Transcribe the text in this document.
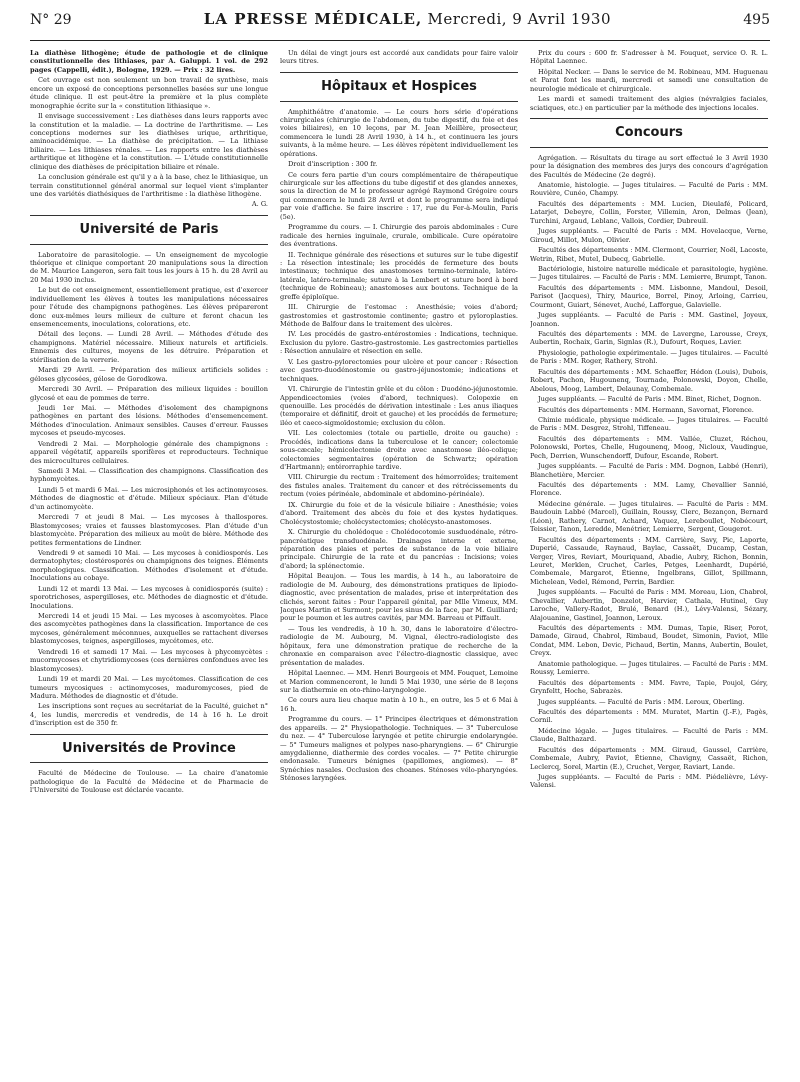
N° 29	LA PRESSE MÉDICALE, Mercredi, 9 Avril 1930	495

La diathèse lithogène; étude de pathologie et de clinique constitutionnelle des lithiases, par A. Galuppi. 1 vol. de 292 pages (Cappelli, édit.), Bologne, 1929. — Prix : 32 lires.

Cet ouvrage est non seulement un bon travail de synthèse, mais encore un exposé de conceptions personnelles basées sur une longue étude clinique. Il est peut-être la première et la plus complète monographie écrite sur la « constitution lithiasique ».

Il envisage successivement : Les diathèses dans leurs rapports avec la constitution et la maladie. — La doctrine de l'arthritisme. — Les conceptions modernes sur les diathèses urique, arthritique, aminoacidémique. — La diathèse de précipitation. — La lithiase biliaire. — Les lithiases rénales. — Les rapports entre les diathèses arthritique et lithogène et la constitution. — L'étude constitutionnelle clinique des diathèses de précipitation biliaire et rénale.

La conclusion générale est qu'il y a à la base, chez le lithiasique, un terrain constitutionnel général anormal sur lequel vient s'implanter une des variétés diathésiques de l'arthritisme : la diathèse lithogène.

A. G.

Université de Paris

Laboratoire de parasitologie. — Un enseignement de mycologie théorique et clinique comportant 20 manipulations sous la direction de M. Maurice Langeron, sera fait tous les jours à 15 h. du 28 Avril au 20 Mai 1930 inclus.

Le but de cet enseignement, essentiellement pratique, est d'exercer individuellement les élèves à toutes les manipulations nécessaires pour l'étude des champignons pathogènes. Les élèves prépareront donc eux-mêmes leurs milieux de culture et feront chacun les ensemencements, inoculations, colorations, etc.

Détail des leçons. — Lundi 28 Avril. — Méthodes d'étude des champignons. Matériel nécessaire. Milieux naturels et artificiels. Ennemis des cultures, moyens de les détruire. Préparation et stérilisation de la verrerie.

Mardi 29 Avril. — Préparation des milieux artificiels solides : géloses glycosées, gélose de Gorodkowa.

Mercredi 30 Avril. — Préparation des milieux liquides : bouillon glycosé et eau de pommes de terre.

Jeudi 1er Mai. — Méthodes d'isolement des champignons pathogènes en partant des lésions. Méthodes d'ensemencement. Méthodes d'inoculation. Animaux sensibles. Causes d'erreur. Fausses mycoses et pseudo-mycoses.

Vendredi 2 Mai. — Morphologie générale des champignons : appareil végétatif, appareils sporifères et reproducteurs. Technique des microcultures cellulaires.

Samedi 3 Mai. — Classification des champignons. Classification des hyphomycètes.

Lundi 5 et mardi 6 Mai. — Les microsiphonés et les actinomycoses. Méthodes de diagnostic et d'étude. Milieux spéciaux. Plan d'étude d'un actinomycète.

Mercredi 7 et jeudi 8 Mai. — Les mycoses à thallospores. Blastomycoses; vraies et fausses blastomycoses. Plan d'étude d'un blastomycète. Préparation des milieux au moût de bière. Méthode des petites fermentations de Lindner.

Vendredi 9 et samedi 10 Mai. — Les mycoses à conidiosporés. Les dermatophytes; clostérosporés ou champignons des teignes. Éléments morphologiques. Classification. Méthodes d'isolement et d'étude. Inoculations au cobaye.

Lundi 12 et mardi 13 Mai. — Les mycoses à conidiosporés (suite) : sporotrichoses, aspergilloses, etc. Méthodes de diagnostic et d'étude. Inoculations.

Mercredi 14 et jeudi 15 Mai. — Les mycoses à ascomycètes. Place des ascomycètes pathogènes dans la classification. Importance de ces mycoses, généralement méconnues, auxquelles se rattachent diverses blastomycoses, teignes, aspergilloses, mycétomes, etc.

Vendredi 16 et samedi 17 Mai. — Les mycoses à phycomycètes : mucormycoses et chytridiomycoses (ces dernières confondues avec les blastomycoses).

Lundi 19 et mardi 20 Mai. — Les mycétomes. Classification de ces tumeurs mycosiques : actinomycoses, maduromycoses, pied de Madura. Méthodes de diagnostic et d'étude.

Les inscriptions sont reçues au secrétariat de la Faculté, guichet n° 4, les lundis, mercredis et vendredis, de 14 à 16 h. Le droit d'inscription est de 350 fr.

Universités de Province

Faculté de Médecine de Toulouse. — La chaire d'anatomie pathologique de la Faculté de Médecine et de Pharmacie de l'Université de Toulouse est déclarée vacante.

Un délai de vingt jours est accordé aux candidats pour faire valoir leurs titres.

Hôpitaux et Hospices

Amphithéâtre d'anatomie. — Le cours hors série d'opérations chirurgicales (chirurgie de l'abdomen, du tube digestif, du foie et des voies biliaires), en 10 leçons, par M. Jean Meillère, prosecteur, commencera le lundi 28 Avril 1930, à 14 h., et continuera les jours suivants, à la même heure. — Les élèves répètent individuellement les opérations.

Droit d'inscription : 300 fr.

Ce cours fera partie d'un cours complémentaire de thérapeutique chirurgicale sur les affections du tube digestif et des glandes annexes, sous la direction de M le professeur agrégé Raymond Grégoire cours qui commencera le lundi 28 Avril et dont le programme sera indiqué par voie d'affiche. Se faire inscrire : 17, rue du Fer-à-Moulin, Paris (5e).

Programme du cours. — I. Chirurgie des parois abdominales : Cure radicale des hernies inguinale, crurale, ombilicale. Cure opératoire des éventrations.

II. Technique générale des résections et sutures sur le tube digestif : La résection intestinale; les procédés de fermeture des bouts intestinaux; technique des anastomoses termino-terminale, latéro-latérale, latéro-terminale; suture à la Lembert et suture bord à bord (technique de Robineau); anastomoses aux boutons. Technique de la greffe épiploïque.

III. Chirurgie de l'estomac : Anesthésie; voies d'abord; gastrostomies et gastrostomie continente; gastro et pyloroplasties. Méthode de Balfour dans le traitement des ulcères.

IV. Les procédés de gastro-entérostomies : Indications, technique. Exclusion du pylore. Gastro-gastrostomie. Les gastrectomies partielles : Résection annulaire et résection en selle.

V. Les gastro-pylorectomies pour ulcère et pour cancer : Résection avec gastro-duodénostomie ou gastro-jéjunostomie; indications et techniques.

VI. Chirurgie de l'intestin grêle et du côlon : Duodéno-jéjunostomie. Appendicectomies (voies d'abord, techniques). Colopexie en quenouille. Les procédés de dérivation intestinale : Les anus iliaques (temporaire et définitif, droit et gauche) et les procédés de fermeture; iléo et caeco-sigmoïdostomie; exclusion du côlon.

VII. Les colectomies (totale ou partielle, droite ou gauche) : Procédés, indications dans la tuberculose et le cancer; colectomie sous-cæcale; hémicolectomie droite avec anastomose iléo-colique; colectomies segmentaires (opération de Schwartz; opération d'Hartmann); entérorraphie tardive.

VIII. Chirurgie du rectum : Traitement des hémorroïdes; traitement des fistules anales. Traitement du cancer et des rétrécissements du rectum (voies périnéale, abdominale et abdomino-périnéale).

IX. Chirurgie du foie et de la vésicule biliaire : Anesthésie; voies d'abord. Traitement des abcès du foie et des kystes hydatiques. Cholécystostomie; cholécystectomies; cholécysto-anastomoses.

X. Chirurgie du cholédoque : Cholédocotomie susduodénale, rétro-pancréatique transduodénale. Drainages interne et externe, réparation des plaies et pertes de substance de la voie biliaire principale. Chirurgie de la rate et du pancréas : Incisions; voies d'abord; la splénectomie.

Hôpital Beaujon. — Tous les mardis, à 14 h., au laboratoire de radiologie de M. Aubourg, des démonstrations pratiques de lipiodo-diagnostic, avec présentation de malades, prise et interprétation des clichés, seront faites : Pour l'appareil génital, par Mlle Vimeux, MM. Jacques Martin et Surmont; pour les sinus de la face, par M. Guilliard; pour le poumon et les autres cavités, par MM. Barreau et Piffault.

— Tous les vendredis, à 10 h. 30, dans le laboratoire d'électro-radiologie de M. Aubourg, M. Vignal, électro-radiologiste des hôpitaux, fera une démonstration pratique de recherche de la chronaxie en comparaison avec l'électro-diagnostic classique, avec présentation de malades.

Hôpital Laennec. — MM. Henri Bourgeois et MM. Fouquet, Lemoine et Marion commenceront, le lundi 5 Mai 1930, une série de 8 leçons sur la diathermie en oto-rhino-laryngologie.

Ce cours aura lieu chaque matin à 10 h., en outre, les 5 et 6 Mai à 16 h.

Programme du cours. — 1° Principes électriques et démonstration des appareils. — 2° Physiopathologie. Techniques. — 3° Tuberculose du nez. — 4° Tuberculose laryngée et petite chirurgie endolaryngée. — 5° Tumeurs malignes et polypes naso-pharyngiens. — 6° Chirurgie amygdalienne, diathermie des cordes vocales. — 7° Petite chirurgie endonasale. Tumeurs bénignes (papillomes, angiomes). — 8° Synéchies nasales. Occlusion des choanes. Sténoses vélo-pharyngées. Sténoses laryngées.

Prix du cours : 600 fr. S'adresser à M. Fouquet, service O. R. L. Hôpital Laennec.

Hôpital Necker. — Dans le service de M. Robineau, MM. Huguenau et Parat font les mardi, mercredi et samedi une consultation de neurologie médicale et chirurgicale.

Les mardi et samedi traitement des algies (névralgies faciales, sciatiques, etc.) en particulier par la méthode des injections locales.

Concours

Agrégation. — Résultats du tirage au sort effectué le 3 Avril 1930 pour la désignation des membres des jurys des concours d'agrégation des Facultés de Médecine (2e degré).

Anatomie, histologie. — Juges titulaires. — Faculté de Paris : MM. Rouvière, Cunéo, Champy.

Facultés des départements : MM. Lucien, Dieulafé, Policard, Latarjet, Debeyre, Collin, Forster, Villemin, Aron, Delmas (Jean), Turchini, Argaud, Leblanc, Vallois, Cordier, Dubreuil.

Juges suppléants. — Faculté de Paris : MM. Hovelacque, Verne, Giroud, Millot, Mulon, Olivier.

Facultés des départements : MM. Clermont, Courrier, Noël, Lacoste, Wetrin, Ribet, Mutel, Dubecq, Gabrielle.

Bactériologie, histoire naturelle médicale et parasitologie, hygiène. — Juges titulaires. — Faculté de Paris : MM. Lemierre, Brumpt, Tanon.

Facultés des départements : MM. Lisbonne, Mandoul, Desoil, Parisot (Jacques), Thiry, Maurice, Borrel, Pinoy, Arloing, Carrieu, Courmont, Guiart, Sénevet, Auché, Lafforgue, Galavielle.

Juges suppléants. — Faculté de Paris : MM. Gastinel, Joyeux, Joannon.

Facultés des départements : MM. de Lavergne, Larousse, Creyx, Aubertin, Rochaix, Garin, Signlas (R.), Dufourt, Roques, Lavier.

Physiologie, pathologie expérimentale. — Juges titulaires. — Faculté de Paris : MM. Roger, Rathery, Strohl.

Facultés des départements : MM. Schaeffer, Hédon (Louis), Dubois, Robert, Pachon, Hugounenq, Tournade, Polonowski, Doyon, Chelle, Abelous, Moog, Lambert, Delaunay, Combemale.

Juges suppléants. — Faculté de Paris : MM. Binet, Richet, Dognon.

Facultés des départements : MM. Hermann, Savornat, Florence.

Chimie médicale, physique médicale. — Juges titulaires. — Faculté de Paris : MM. Desgrez, Strohl, Tiffeneau.

Facultés des départements : MM. Vallée, Cluzet, Réchou, Polonowski, Portes, Chelle, Hugounenq, Moog, Nicloux, Vaudingue, Pech, Derrien, Wunschendorff, Dufour, Escande, Robert.

Juges suppléants. — Faculté de Paris : MM. Dognon, Labbé (Henri), Blanchetière, Mercier.

Facultés des départements : MM. Lamy, Chevallier Sannié, Florence.

Médecine générale. — Juges titulaires. — Faculté de Paris : MM. Baudouin Labbé (Marcel), Guillain, Roussy, Clerc, Bezançon, Bernard (Léon), Rathery, Carnot, Achard, Vaquez, Lereboullet, Nobécourt, Teissier, Tanon, Leredde, Menétrier, Lemierre, Sergent, Gougerot.

Facultés des départements : MM. Carrière, Savy, Pic, Laporte, Duperié, Cassaude, Raynaud, Baylac, Cassaët, Ducamp, Cestan, Verger, Vires, Reviart, Mouriquand, Abadie, Aubry, Richon, Bonnin, Leuret, Merklen, Cruchet, Carles, Petges, Leenhardt, Dupérié, Combemale, Margarot, Étienne, Ingelbrans, Gillot, Spillmann, Michelean, Vedel, Rémond, Perrin, Bardier.

Juges suppléants. — Faculté de Paris : MM. Moreau, Lion, Chabrol, Chevallier, Aubertin, Donzelot, Harvier, Cathala, Hutinel, Guy Laroche, Vallery-Radot, Brulé, Benard (H.), Lévy-Valensi, Sézary, Alajouanine, Gastinel, Joannon, Leroux.

Facultés des départements : MM. Dumas, Tapie, Riser, Porot, Damade, Giraud, Chabrol, Rimbaud, Boudet, Simonin, Paviot, Mlle Condat, MM. Lebon, Devic, Pichaud, Bertin, Manns, Aubertin, Boulet, Creyx.

Anatomie pathologique. — Juges titulaires. — Faculté de Paris : MM. Roussy, Lemierre.

Facultés des départements : MM. Favre, Tapie, Poujol, Géry, Grynfeltt, Hoche, Sabrazès.

Juges suppléants. — Faculté de Paris : MM. Leroux, Oberling.

Facultés des départements : MM. Muratet, Martin (J.-F.), Pagès, Cornil.

Médecine légale. — Juges titulaires. — Faculté de Paris : MM. Claude, Balthazard.

Facultés des départements : MM. Giraud, Gaussel, Carrière, Combemale, Aubry, Paviot, Étienne, Chavigny, Cassaët, Richon, Leclercq, Sorel, Martin (E.), Cruchet, Verger, Raviart, Lande.

Juges suppléants. — Faculté de Paris : MM. Piédelièvre, Lévy-Valensi.
